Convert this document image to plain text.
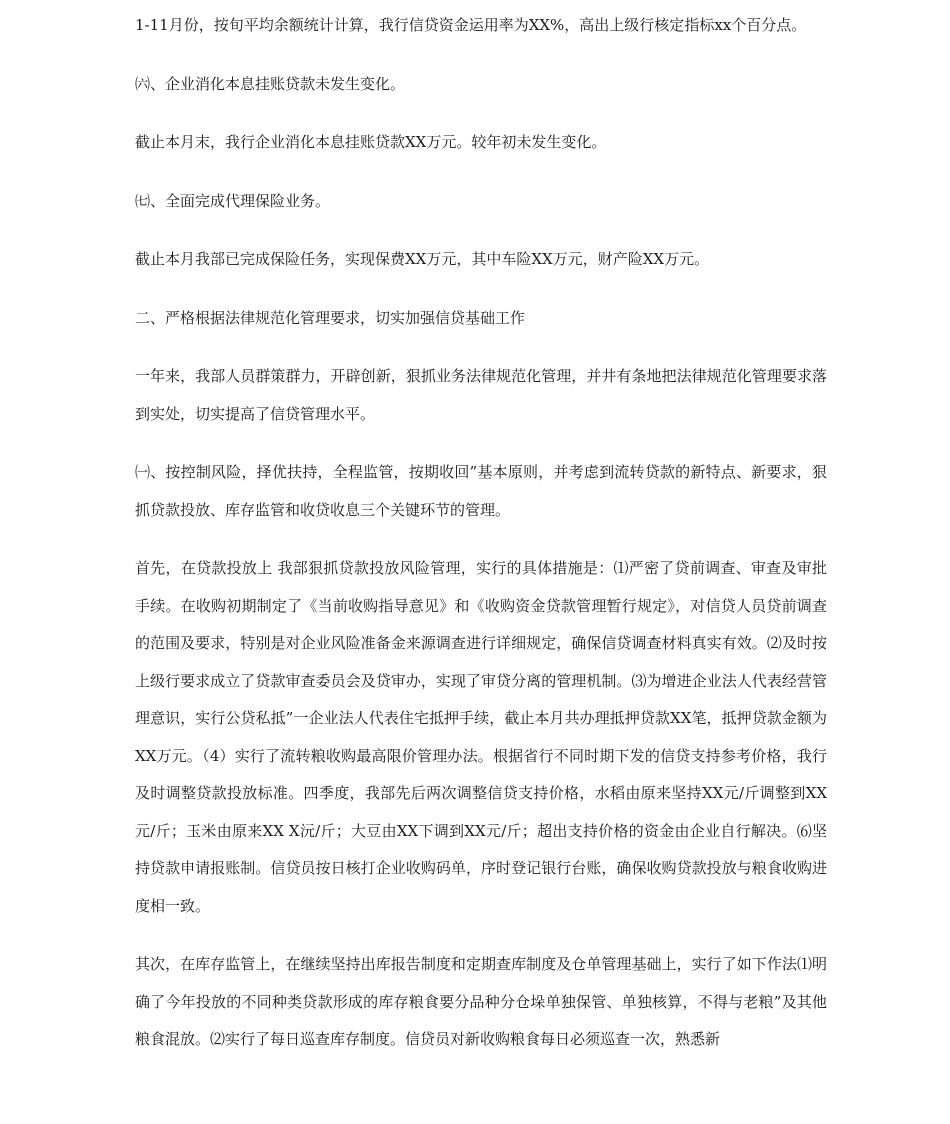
1-11月份，按旬平均余额统计计算，我行信贷资金运用率为XX%，高出上级行核定指标xx个百分点。

㈥、企业消化本息挂账贷款未发生变化。

截止本月末，我行企业消化本息挂账贷款XX万元。较年初未发生变化。

㈦、全面完成代理保险业务。

截止本月我部已完成保险任务，实现保费XX万元，其中车险XX万元，财产险XX万元。

二、严格根据法律规范化管理要求，切实加强信贷基础工作

一年来，我部人员群策群力，开辟创新，狠抓业务法律规范化管理，并井有条地把法律规范化管理要求落到实处，切实提高了信贷管理水平。

㈠、按控制风险，择优扶持，全程监管，按期收回”基本原则，并考虑到流转贷款的新特点、新要求，狠抓贷款投放、库存监管和收贷收息三个关键环节的管理。

首先，在贷款投放上 我部狠抓贷款投放风险管理，实行的具体措施是：⑴严密了贷前调查、审查及审批手续。在收购初期制定了《当前收购指导意见》和《收购资金贷款管理暂行规定》，对信贷人员贷前调查的范围及要求，特别是对企业风险准备金来源调查进行详细规定，确保信贷调查材料真实有效。⑵及时按上级行要求成立了贷款审查委员会及贷审办，实现了审贷分离的管理机制。⑶为增进企业法人代表经营管理意识，实行公贷私抵”一企业法人代表住宅抵押手续，截止本月共办理抵押贷款XX笔，抵押贷款金额为XX万元。（4）实行了流转粮收购最高限价管理办法。根据省行不同时期下发的信贷支持参考价格，我行及时调整贷款投放标准。四季度，我部先后两次调整信贷支持价格，水稻由原来坚持XX元/斤调整到XX元/斤；玉米由原来XX X沅/斤；大豆由XX下调到XX元/斤；超出支持价格的资金由企业自行解决。⑹坚持贷款申请报账制。信贷员按日核打企业收购码单，序时登记银行台账，确保收购贷款投放与粮食收购进度相一致。

其次，在库存监管上，在继续坚持出库报告制度和定期查库制度及仓单管理基础上，实行了如下作法⑴明确了今年投放的不同种类贷款形成的库存粮食要分品种分仓垛单独保管、单独核算，不得与老粮”及其他粮食混放。⑵实行了每日巡查库存制度。信贷员对新收购粮食每日必须巡查一次，熟悉新
